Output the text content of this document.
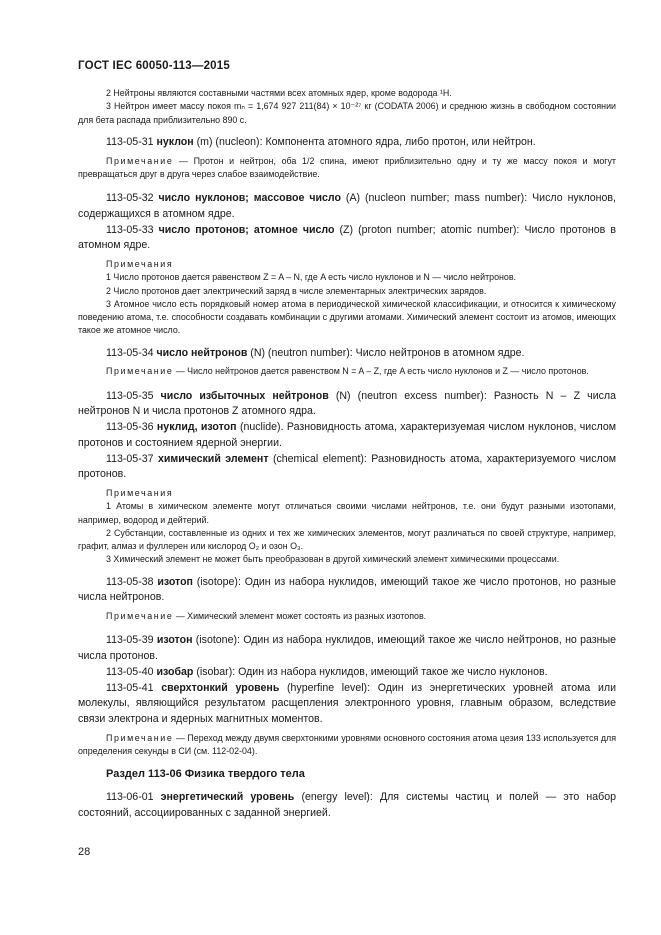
ГОСТ IEC 60050-113—2015

2 Нейтроны являются составными частями всех атомных ядер, кроме водорода ¹H.

3 Нейтрон имеет массу покоя mₙ = 1,674 927 211(84) × 10⁻²⁷ кг (CODATA 2006) и среднюю жизнь в свободном состоянии для бета распада приблизительно 890 с.

113-05-31 нуклон (m) (nucleon): Компонента атомного ядра, либо протон, или нейтрон.

Примечание — Протон и нейтрон, оба 1/2 спина, имеют приблизительно одну и ту же массу покоя и могут превращаться друг в друга через слабое взаимодействие.

113-05-32 число нуклонов; массовое число (A) (nucleon number; mass number): Число нуклонов, содержащихся в атомном ядре.

113-05-33 число протонов; атомное число (Z) (proton number; atomic number): Число протонов в атомном ядре.

Примечания

1 Число протонов дается равенством Z = A – N, где A есть число нуклонов и N — число нейтронов.

2 Число протонов дает электрический заряд в числе элементарных электрических зарядов.

3 Атомное число есть порядковый номер атома в периодической химической классификации, и относится к химическому поведению атома, т.е. способности создавать комбинации с другими атомами. Химический элемент состоит из атомов, имеющих такое же атомное число.

113-05-34 число нейтронов (N) (neutron number): Число нейтронов в атомном ядре.

Примечание — Число нейтронов дается равенством N = A – Z, где A есть число нуклонов и Z — число протонов.

113-05-35 число избыточных нейтронов (N) (neutron excess number): Разность N – Z числа нейтронов N и числа протонов Z атомного ядра.

113-05-36 нуклид, изотоп (nuclide). Разновидность атома, характеризуемая числом нуклонов, числом протонов и состоянием ядерной энергии.

113-05-37 химический элемент (chemical element): Разновидность атома, характеризуемого числом протонов.

Примечания

1 Атомы в химическом элементе могут отличаться своими числами нейтронов, т.е. они будут разными изотопами, например, водород и дейтерий.

2 Субстанции, составленные из одних и тех же химических элементов, могут различаться по своей структуре, например, графит, алмаз и фуллерен или кислород O₂ и озон O₃.

3 Химический элемент не может быть преобразован в другой химический элемент химическими процессами.

113-05-38 изотоп (isotope): Один из набора нуклидов, имеющий такое же число протонов, но разные числа нейтронов.

Примечание — Химический элемент может состоять из разных изотопов.

113-05-39 изотон (isotone): Один из набора нуклидов, имеющий такое же число нейтронов, но разные числа протонов.

113-05-40 изобар (isobar): Один из набора нуклидов, имеющий такое же число нуклонов.

113-05-41 сверхтонкий уровень (hyperfine level): Один из энергетических уровней атома или молекулы, являющийся результатом расщепления электронного уровня, главным образом, вследствие связи электрона и ядерных магнитных моментов.

Примечание — Переход между двумя сверхтонкими уровнями основного состояния атома цезия 133 используется для определения секунды в СИ (см. 112-02-04).

Раздел 113-06 Физика твердого тела

113-06-01 энергетический уровень (energy level): Для системы частиц и полей — это набор состояний, ассоциированных с заданной энергией.

28
